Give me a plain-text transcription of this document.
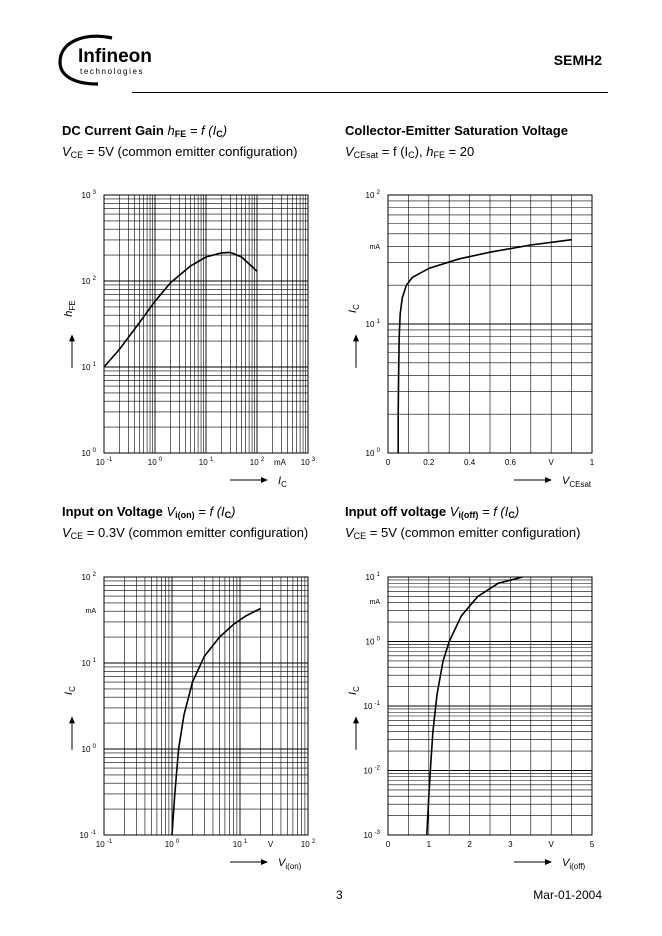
Infineon
technologies
SEMH2
DC Current Gain $h_{FE} = f$ $(I_C)$
$V_{CE} = 5V$ (common emitter configuration)
Collector-Emitter Saturation Voltage
$V_{CEsat} = f$ $(I_C)$, $h_{FE} = 20$
Input on Voltage $V_{i(on)} = f$ $(I_C)$
$V_{CE} = 0.3V$ (common emitter configuration)
Input off voltage $V_{i(off)} = f$ $(I_C)$
$V_{CE} = 5V$ (common emitter configuration)
10 $^0$
10 $^1$
10 $^2$
10 $^3$
10 $^{-1}$	10 $^0$	10 $^1$	10 $^2$	10 $^3$
mA
IC
$h_{FE}$
10 $^0$
10 $^1$
10 $^2$
0	0.2	0.4	0.6	1
V
mA
VCEsat
$I_C$
10 $^{-1}$
10 $^0$
10 $^1$
10 $^2$
10 $^{-1}$	10 $^0$	10 $^1$	10 $^2$
V
mA
Vi(on)
$I_C$
10 $^{-3}$
10 $^{-2}$
10 $^{-1}$
10 $^0$
10 $^1$
0	1	2	3	5
V
mA
Vi(off)
$I_C$
3	Mar-01-2004
